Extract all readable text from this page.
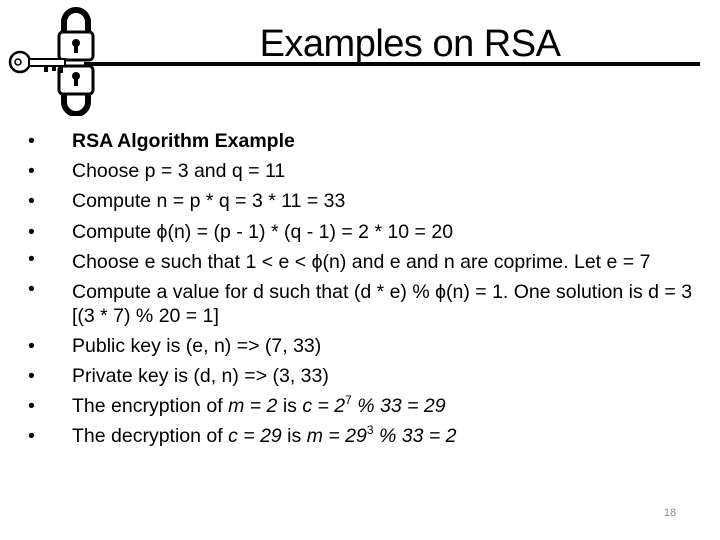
Examples on RSA
• RSA Algorithm Example
• Choose p = 3 and q = 11
• Compute n = p * q = 3 * 11 = 33
• Compute ϕ(n) = (p - 1) * (q - 1) = 2 * 10 = 20
• Choose e such that 1 < e < ϕ(n) and e and n are coprime. Let e = 7
• Compute a value for d such that (d * e) % ϕ(n) = 1. One solution is d = 3 [(3 * 7) % 20 = 1]
• Public key is (e, n) => (7, 33)
• Private key is (d, n) => (3, 33)
• The encryption of m = 2 is $c = 2^7$ % 33 = 29
• The decryption of c = 29 is $m = 29^3$ % 33 = 2
18
